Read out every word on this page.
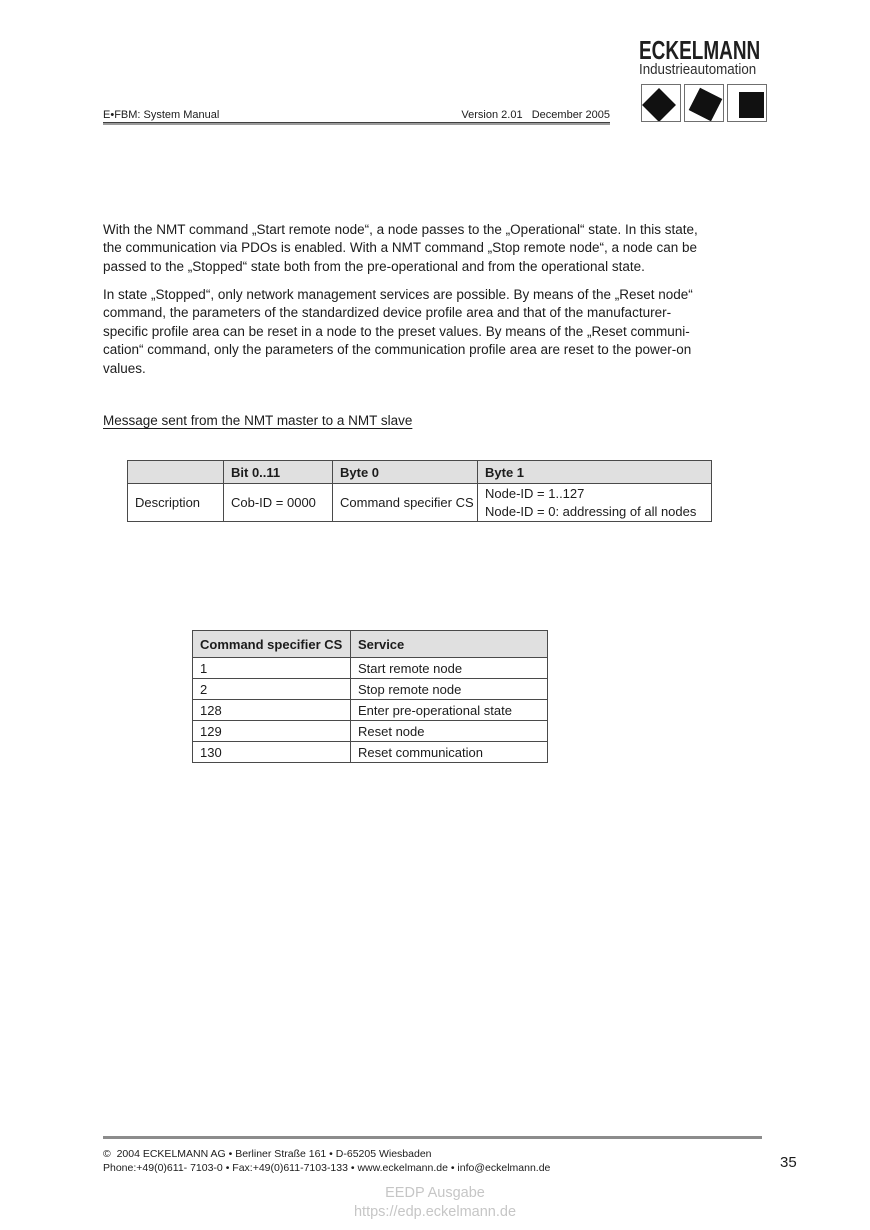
E•FBM: System Manual	Version 2.01   December 2005
ECKELMANN
Industrieautomation
With the NMT command „Start remote node“, a node passes to the „Operational“ state. In this state,
the communication via PDOs is enabled. With a NMT command „Stop remote node“, a node can be
passed to the „Stopped“ state both from the pre-operational and from the operational state.
In state „Stopped“, only network management services are possible. By means of the „Reset node“
command, the parameters of the standardized device profile area and that of the manufacturer-
specific profile area can be reset in a node to the preset values. By means of the „Reset communi-
cation“ command, only the parameters of the communication profile area are reset to the power-on
values.
Message sent from the NMT master to a NMT slave
	Bit 0..11	Byte 0	Byte 1
Description	Cob-ID = 0000	Command specifier CS	Node-ID = 1..127
Node-ID = 0: addressing of all nodes
Command specifier CS	Service
1	Start remote node
2	Stop remote node
128	Enter pre-operational state
129	Reset node
130	Reset communication
©  2004 ECKELMANN AG • Berliner Straße 161 • D-65205 Wiesbaden
Phone:+49(0)611- 7103-0 • Fax:+49(0)611-7103-133 • www.eckelmann.de • info@eckelmann.de	35
EEDP Ausgabe
https://edp.eckelmann.de
